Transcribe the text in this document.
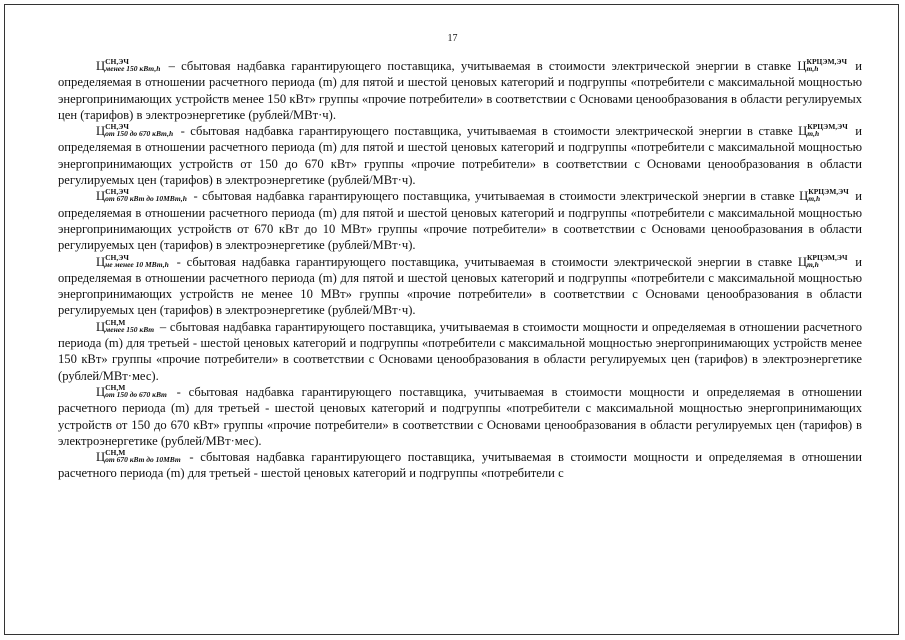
17

Ц СН,ЭЧ
менее 150 кВт,h – сбытовая надбавка гарантирующего поставщика, учитываемая в стоимости электрической энергии в ставке Ц КРЦЭМ,ЭЧ
m,h	и определяемая в отношении расчетного периода (m) для пятой и шестой ценовых категорий и подгруппы «потребители с максимальной мощностью энергопринимающих устройств менее 150 кВт» группы «прочие потребители» в соответствии с Основами ценообразования в области регулируемых цен (тарифов) в электроэнергетике (рублей/МВт·ч).

Ц СН,ЭЧ
от 150 до 670 кВт,h - сбытовая надбавка гарантирующего поставщика, учитываемая в стоимости электрической энергии в ставке Ц КРЦЭМ,ЭЧ
m,h	и определяемая в отношении расчетного периода (m) для пятой и шестой ценовых категорий и подгруппы «потребители с максимальной мощностью энергопринимающих устройств от 150 до 670 кВт» группы «прочие потребители» в соответствии с Основами ценообразования в области регулируемых цен (тарифов) в электроэнергетике (рублей/МВт·ч).

Ц СН,ЭЧ
от 670 кВт до 10МВт,h - сбытовая надбавка гарантирующего поставщика, учитываемая в стоимости электрической энергии в ставке Ц КРЦЭМ,ЭЧ
m,h	и определяемая в отношении расчетного периода (m) для пятой и шестой ценовых категорий и подгруппы «потребители с максимальной мощностью энергопринимающих устройств от 670 кВт до 10 МВт» группы «прочие потребители» в соответствии с Основами ценообразования в области регулируемых цен (тарифов) в электроэнергетике (рублей/МВт·ч).

Ц СН,ЭЧ
не менее 10 МВт,h - сбытовая надбавка гарантирующего поставщика, учитываемая в стоимости электрической энергии в ставке Ц КРЦЭМ,ЭЧ
m,h	и определяемая в отношении расчетного периода (m) для пятой и шестой ценовых категорий и подгруппы «потребители с максимальной мощностью энергопринимающих устройств не менее 10 МВт» группы «прочие потребители» в соответствии с Основами ценообразования в области регулируемых цен (тарифов) в электроэнергетике (рублей/МВт·ч).

Ц СН,М
менее 150 кВт – сбытовая надбавка гарантирующего поставщика, учитываемая в стоимости мощности и определяемая в отношении расчетного периода (m) для третьей - шестой ценовых категорий и подгруппы «потребители с максимальной мощностью энергопринимающих устройств менее 150 кВт» группы «прочие потребители» в соответствии с Основами ценообразования в области регулируемых цен (тарифов) в электроэнергетике (рублей/МВт·мес).

Ц СН,М
от 150 до 670 кВт - сбытовая надбавка гарантирующего поставщика, учитываемая в стоимости мощности и определяемая в отношении расчетного периода (m) для третьей - шестой ценовых категорий и подгруппы «потребители с максимальной мощностью энергопринимающих устройств от 150 до 670 кВт» группы «прочие потребители» в соответствии с Основами ценообразования в области регулируемых цен (тарифов) в электроэнергетике (рублей/МВт·мес).

Ц СН,М
от 670 кВт до 10МВт - сбытовая надбавка гарантирующего поставщика, учитываемая в стоимости мощности и определяемая в отношении расчетного периода (m) для третьей - шестой ценовых категорий и подгруппы «потребители с
